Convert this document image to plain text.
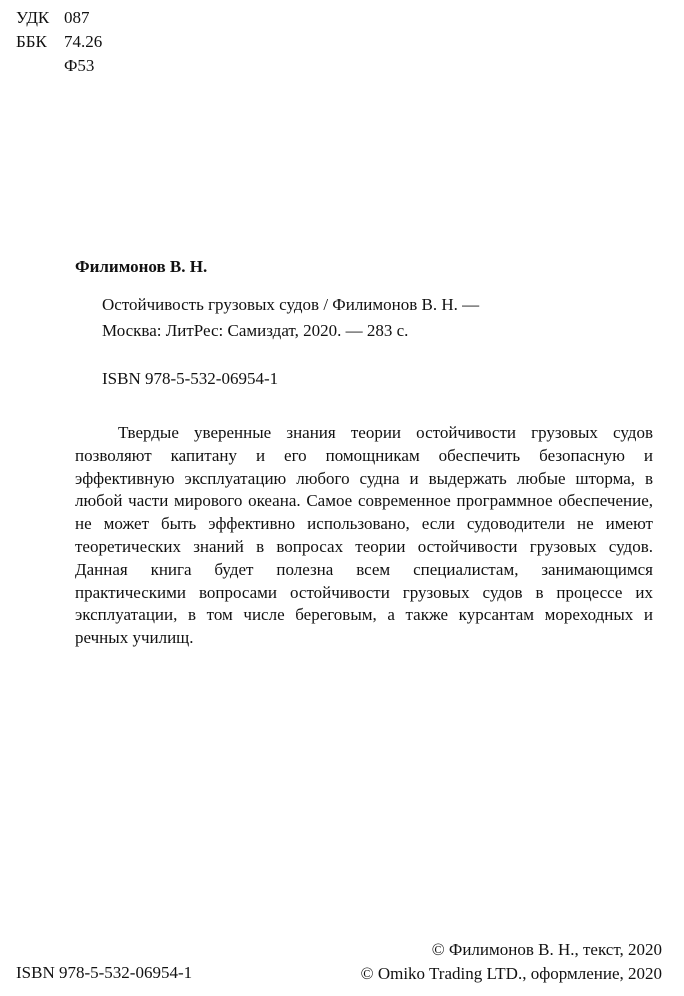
УДК 087
ББК	74.26
Ф53
Филимонов В. Н.
Остойчивость грузовых судов / Филимонов В. Н. —
Москва: ЛитРес: Самиздат, 2020. — 283 с.
ISBN 978-5-532-06954-1

Твердые уверенные знания теории остойчивости грузовых судов позволяют капитану и его помощникам обеспечить безопасную и эффективную эксплуатацию любого судна и выдержать любые шторма, в любой части мирового океана. Самое современное программное обеспечение, не может быть эффективно использовано, если судоводители не имеют теоретических знаний в вопросах теории остойчивости грузовых судов. Данная книга будет полезна всем специалистам, занимающимся практическими вопросами остойчивости грузовых судов в процессе их эксплуатации, в том числе береговым, а также курсантам мореходных и речных училищ.

© Филимонов В. Н., текст, 2020
© Omiko Trading LTD., оформление, 2020
ISBN 978-5-532-06954-1
